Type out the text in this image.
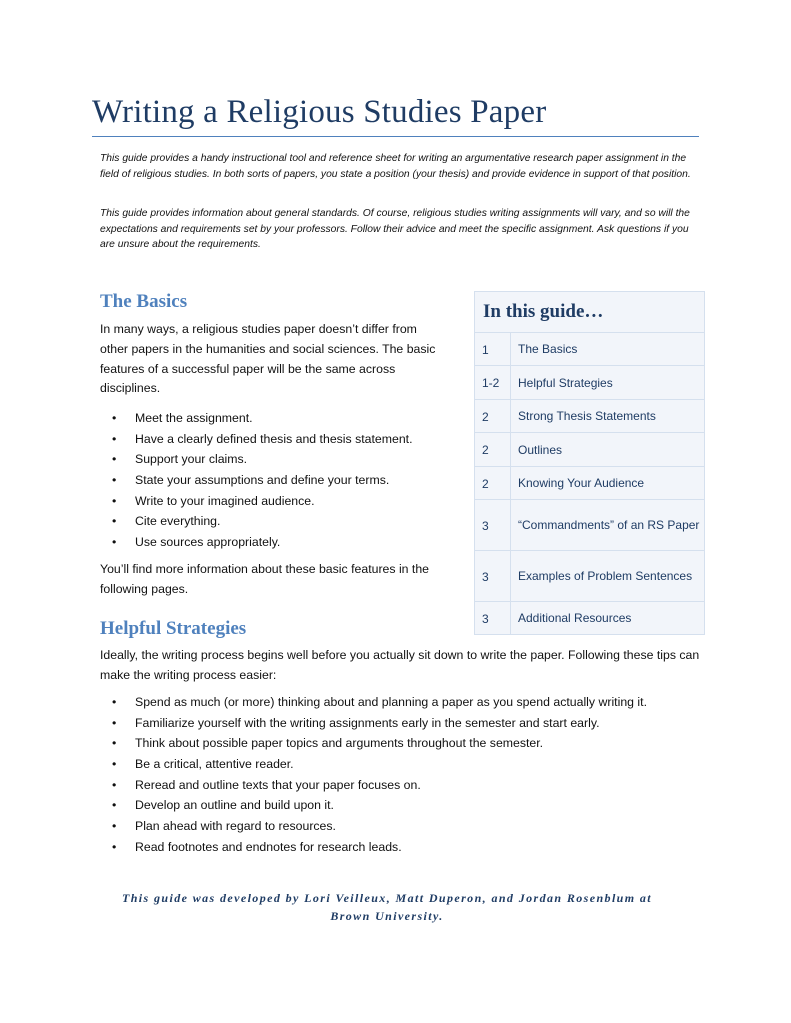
Writing a Religious Studies Paper

This guide provides a handy instructional tool and reference sheet for writing an argumentative research paper assignment in the field of religious studies. In both sorts of papers, you state a position (your thesis) and provide evidence in support of that position.

This guide provides information about general standards. Of course, religious studies writing assignments will vary, and so will the expectations and requirements set by your professors. Follow their advice and meet the specific assignment. Ask questions if you are unsure about the requirements.

The Basics

In many ways, a religious studies paper doesn’t differ from other papers in the humanities and social sciences. The basic features of a successful paper will be the same across disciplines.

• Meet the assignment.
• Have a clearly defined thesis and thesis statement.
• Support your claims.
• State your assumptions and define your terms.
• Write to your imagined audience.
• Cite everything.
• Use sources appropriately.

You’ll find more information about these basic features in the following pages.

In this guide…
1	The Basics
1-2	Helpful Strategies
2	Strong Thesis Statements
2	Outlines
2	Knowing Your Audience
3	“Commandments” of an RS Paper
3	Examples of Problem Sentences
3	Additional Resources
Helpful Strategies

Ideally, the writing process begins well before you actually sit down to write the paper. Following these tips can make the writing process easier:

• Spend as much (or more) thinking about and planning a paper as you spend actually writing it.
• Familiarize yourself with the writing assignments early in the semester and start early.
• Think about possible paper topics and arguments throughout the semester.
• Be a critical, attentive reader.
• Reread and outline texts that your paper focuses on.
• Develop an outline and build upon it.
• Plan ahead with regard to resources.
• Read footnotes and endnotes for research leads.

This guide was developed by Lori Veilleux, Matt Duperon, and Jordan Rosenblum at Brown University.
